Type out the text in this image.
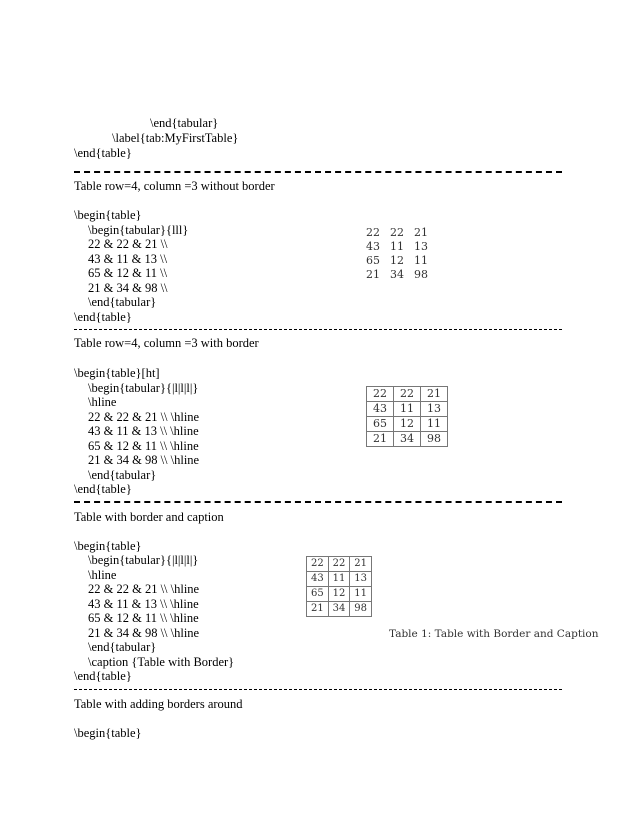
\end{tabular}
\label{tab:MyFirstTable}
\end{table}
Table row=4, column =3 without border
\begin{table}
\begin{tabular}{lll}
22 & 22 & 21 \\
43 & 11 & 13 \\
65 & 12 & 11 \\
21 & 34 & 98 \\
\end{tabular}
\end{table}
22	22	21
43	11	13
65	12	11
21	34	98
Table row=4, column =3 with border
\begin{table}[ht]
\begin{tabular}{|l|l|l|}
\hline
22 & 22 & 21 \\ \hline
43 & 11 & 13 \\ \hline
65 & 12 & 11 \\ \hline
21 & 34 & 98 \\ \hline
\end{tabular}
\end{table}
22	22	21
43	11	13
65	12	11
21	34	98
Table with border and caption
\begin{table}
\begin{tabular}{|l|l|l|}
\hline
22 & 22 & 21 \\ \hline
43 & 11 & 13 \\ \hline
65 & 12 & 11 \\ \hline
21 & 34 & 98 \\ \hline
\end{tabular}
\caption {Table with Border}
\end{table}
22	22	21
43	11	13
65	12	11
21	34	98
Table 1: Table with Border and Caption
Table with adding borders around
\begin{table}
